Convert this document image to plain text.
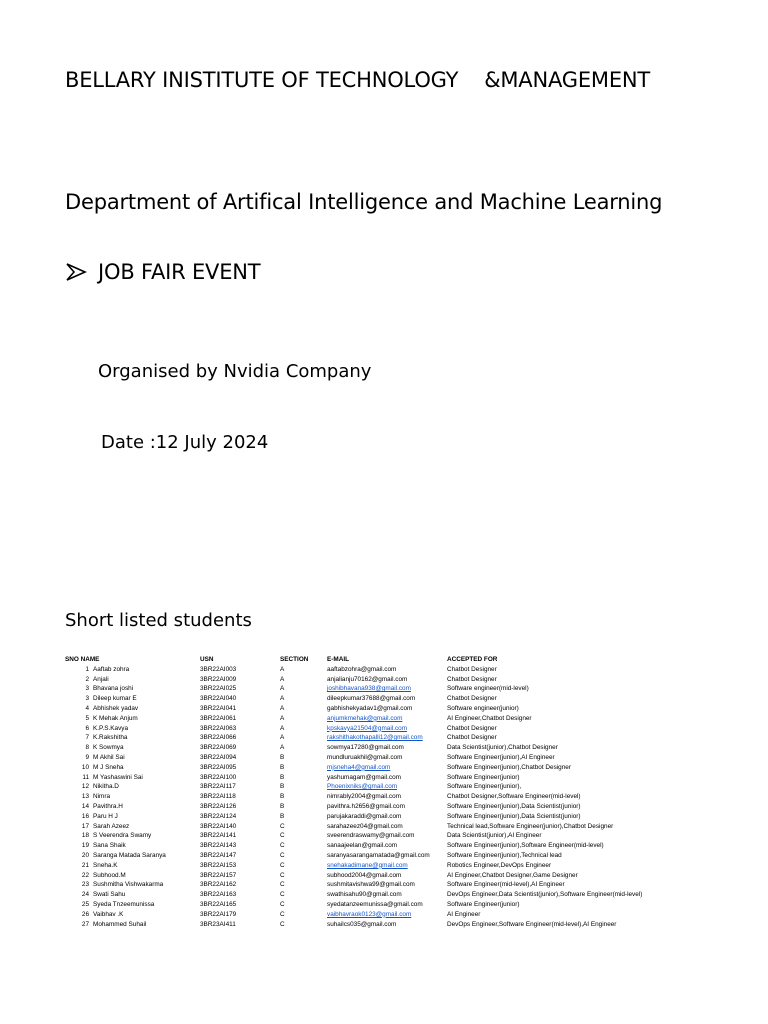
BELLARY INISTITUTE OF TECHNOLOGY    &MANAGEMENT
Department of Artifical Intelligence and Machine Learning
JOB FAIR EVENT
Organised by Nvidia Company
Date :12 July 2024
Short listed students
SNO NAME	USN	SECTION	E-MAIL	ACCEPTED FOR
1 Aaftab zohra	3BR22AI003	A	aaftabzohra@gmail.com	Chatbot Designer
2 Anjali	3BR22AI009	A	anjalianju70162@gmail.com	Chatbot Designer
3 Bhavana joshi	3BR22AI025	A	joshibhavana938@gmail.com	Software engineer(mid-level)
3 Dileep kumar E	3BR22AI040	A	dileepkumar37688@gmail.com	Chatbot Designer
4 Abhishek yadav	3BR22AI041	A	gabhishekyadav1@gmail.com	Software engineer(junior)
5 K Mehak Anjum	3BR22AI061	A	anjumkmehak@gmail.com	AI Engineer,Chatbot Designer
6 K.P.S.Kavya	3BR22AI063	A	kpskavya21504@gmail.com	Chatbot Designer
7 K.Rakshitha	3BR22AI066	A	rakshithakothapalli12@gmail.com	Chatbot Designer
8 K Sowmya	3BR22AI069	A	sowmya17280@gmail.com	Data Scientist(junior),Chatbot Designer
9 M Akhil Sai	3BR22AI094	B	mundluruakhil@gmail.com	Software Engineer(junior),AI Engineer
10 M J Sneha	3BR22AI095	B	mjsneha4@gmail.com	Software Engineer(junior),Chatbot Designer
11 M Yashaswini Sai	3BR22AI100	B	yashumagam@gmail.com	Software Engineer(junior)
12 Nikitha.D	3BR22AI117	B	Phoenixniks@gmail.com	Software Engineer(junior),
13 Nimra	3BR22AI118	B	nimrably2004@gmail.com	Chatbot Designer,Software Engineer(mid-level)
14 Pavithra.H	3BR22AI126	B	pavithra.h2656@gmail.com	Software Engineer(junior),Data Scientist(junior)
16 Paru H J	3BR22AI124	B	parujakaraddi@gmail.com	Software Engineer(junior),Data Scientist(junior)
17 Sarah Azeez	3BR22AI140	C	sarahazeez04@gmail.com	Technical lead,Software Engineer(junior),Chatbot Designer
18 S Veerendra Swamy	3BR22AI141	C	sveerendraswamy@gmail.com	Data Scientist(junior),AI Engineer
19 Sana Shaik	3BR22AI143	C	sanaajeelan@gmail.com	Software Engineer(junior),Software Engineer(mid-level)
20 Saranga Matada Saranya	3BR22AI147	C	saranyasarangamatada@gmail.com	Software Engineer(junior),Technical lead
21 Sneha.K	3BR22AI153	C	snehakadimane@gmail.com	Robotics Engineer,DevOps Engineer
22 Subhood.M	3BR22AI157	C	subhood2004@gmail.com	AI Engineer,Chatbot Designer,Game Designer
23 Sushmitha Vishwakarma	3BR22AI162	C	sushmitavishwa99@gmail.com	Software Engineer(mid-level),AI Engineer
24 Swati Sahu	3BR22AI163	C	swathisahu90@gmail.com	DevOps Engineer,Data Scientist(junior),Software Engineer(mid-level)
25 Syeda Tnzeemunissa	3BR22AI165	C	syedatanzeemunissa@gmail.com	Software Engineer(junior)
26 Vaibhav .K	3BR22AI179	C	vaibhavraok0123@gmail.com	AI Engineer
27 Mohammed Suhail	3BR23AI411	C	suhailcs035@gmail.com	DevOps Engineer,Software Engineer(mid-level),AI Engineer
